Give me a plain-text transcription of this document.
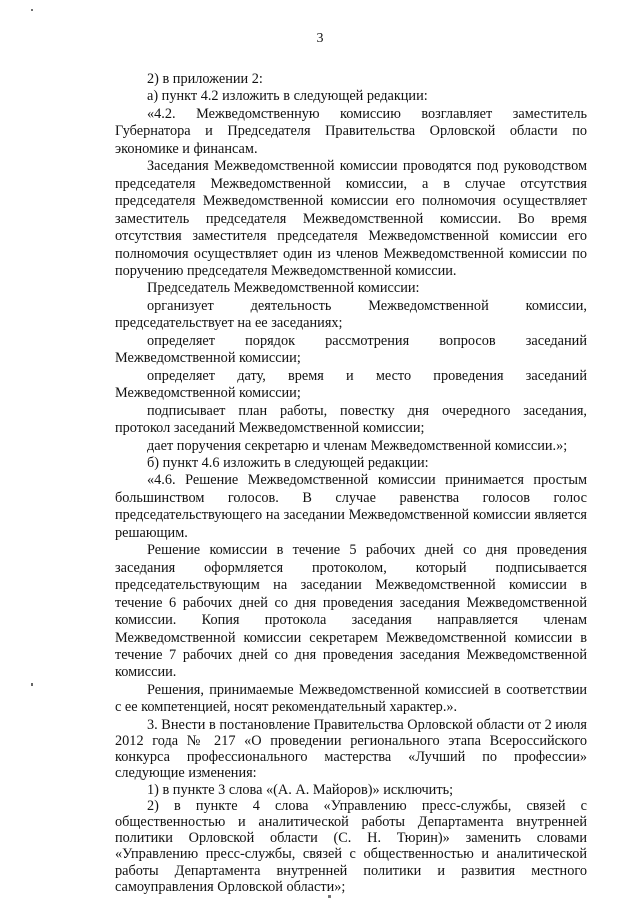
3

2) в приложении 2:

а) пункт 4.2 изложить в следующей редакции:

«4.2. Межведомственную комиссию возглавляет заместитель Губернатора и Председателя Правительства Орловской области по экономике и финансам.

Заседания Межведомственной комиссии проводятся под руководством председателя Межведомственной комиссии, а в случае отсутствия председателя Межведомственной комиссии его полномочия осуществляет заместитель председателя Межведомственной комиссии. Во время отсутствия заместителя председателя Межведомственной комиссии его полномочия осуществляет один из членов Межведомственной комиссии по поручению председателя Межведомственной комиссии.

Председатель Межведомственной комиссии:

организует деятельность Межведомственной комиссии, председательствует на ее заседаниях;

определяет порядок рассмотрения вопросов заседаний Межведомственной комиссии;

определяет дату, время и место проведения заседаний Межведомственной комиссии;

подписывает план работы, повестку дня очередного заседания, протокол заседаний Межведомственной комиссии;

дает поручения секретарю и членам Межведомственной комиссии.»;

б) пункт 4.6 изложить в следующей редакции:

«4.6. Решение Межведомственной комиссии принимается простым большинством голосов. В случае равенства голосов голос председательствующего на заседании Межведомственной комиссии является решающим.

Решение комиссии в течение 5 рабочих дней со дня проведения заседания оформляется протоколом, который подписывается председательствующим на заседании Межведомственной комиссии в течение 6 рабочих дней со дня проведения заседания Межведомственной комиссии. Копия протокола заседания направляется членам Межведомственной комиссии секретарем Межведомственной комиссии в течение 7 рабочих дней со дня проведения заседания Межведомственной комиссии.

Решения, принимаемые Межведомственной комиссией в соответствии с ее компетенцией, носят рекомендательный характер.».

3. Внести в постановление Правительства Орловской области от 2 июля 2012 года № 217 «О проведении регионального этапа Всероссийского конкурса профессионального мастерства «Лучший по профессии» следующие изменения:

1) в пункте 3 слова «(А. А. Майоров)» исключить;

2) в пункте 4 слова «Управлению пресс-службы, связей с общественностью и аналитической работы Департамента внутренней политики Орловской области (С. Н. Тюрин)» заменить словами «Управлению пресс-службы, связей с общественностью и аналитической работы Департамента внутренней политики и развития местного самоуправления Орловской области»;
